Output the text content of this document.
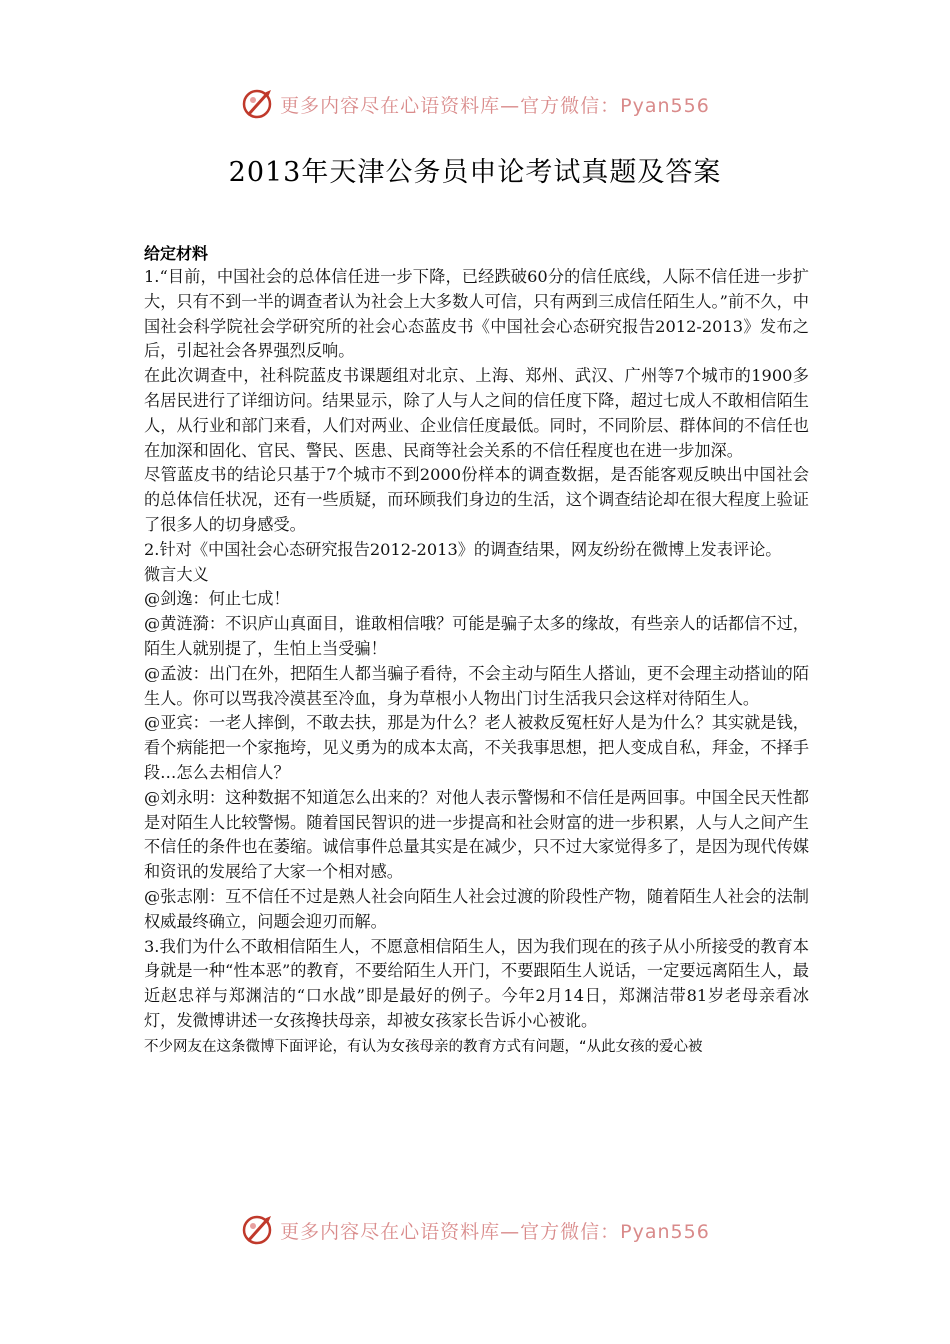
更多内容尽在心语资料库—官方微信：Pyan556
2013年天津公务员申论考试真题及答案

给定材料

1.“目前，中国社会的总体信任进一步下降，已经跌破60分的信任底线，人际不信任进一步扩大，只有不到一半的调查者认为社会上大多数人可信，只有两到三成信任陌生人。”前不久，中国社会科学院社会学研究所的社会心态蓝皮书《中国社会心态研究报告2012-2013》发布之后，引起社会各界强烈反响。

在此次调查中，社科院蓝皮书课题组对北京、上海、郑州、武汉、广州等7个城市的1900多名居民进行了详细访问。结果显示，除了人与人之间的信任度下降，超过七成人不敢相信陌生人，从行业和部门来看，人们对两业、企业信任度最低。同时，不同阶层、群体间的不信任也在加深和固化、官民、警民、医患、民商等社会关系的不信任程度也在进一步加深。

尽管蓝皮书的结论只基于7个城市不到2000份样本的调查数据，是否能客观反映出中国社会的总体信任状况，还有一些质疑，而环顾我们身边的生活，这个调查结论却在很大程度上验证了很多人的切身感受。

2.针对《中国社会心态研究报告2012-2013》的调查结果，网友纷纷在微博上发表评论。

微言大义

@剑逸：何止七成！

@黄涟漪：不识庐山真面目，谁敢相信哦？可能是骗子太多的缘故，有些亲人的话都信不过，陌生人就别提了，生怕上当受骗！

@孟波：出门在外，把陌生人都当骗子看待，不会主动与陌生人搭讪，更不会理主动搭讪的陌生人。你可以骂我冷漠甚至冷血，身为草根小人物出门讨生活我只会这样对待陌生人。

@亚宾：一老人摔倒，不敢去扶，那是为什么？老人被救反冤枉好人是为什么？其实就是钱，看个病能把一个家拖垮，见义勇为的成本太高，不关我事思想，把人变成自私，拜金，不择手段…怎么去相信人？

@刘永明：这种数据不知道怎么出来的？对他人表示警惕和不信任是两回事。中国全民天性都是对陌生人比较警惕。随着国民智识的进一步提高和社会财富的进一步积累，人与人之间产生不信任的条件也在萎缩。诚信事件总量其实是在减少，只不过大家觉得多了，是因为现代传媒和资讯的发展给了大家一个相对感。

@张志刚：互不信任不过是熟人社会向陌生人社会过渡的阶段性产物，随着陌生人社会的法制权威最终确立，问题会迎刃而解。

3.我们为什么不敢相信陌生人，不愿意相信陌生人，因为我们现在的孩子从小所接受的教育本身就是一种“性本恶”的教育，不要给陌生人开门，不要跟陌生人说话，一定要远离陌生人，最近赵忠祥与郑渊洁的“口水战”即是最好的例子。今年2月14日，郑渊洁带81岁老母亲看冰灯，发微博讲述一女孩搀扶母亲，却被女孩家长告诉小心被讹。

不少网友在这条微博下面评论，有认为女孩母亲的教育方式有问题，“从此女孩的爱心被

更多内容尽在心语资料库—官方微信：Pyan556
